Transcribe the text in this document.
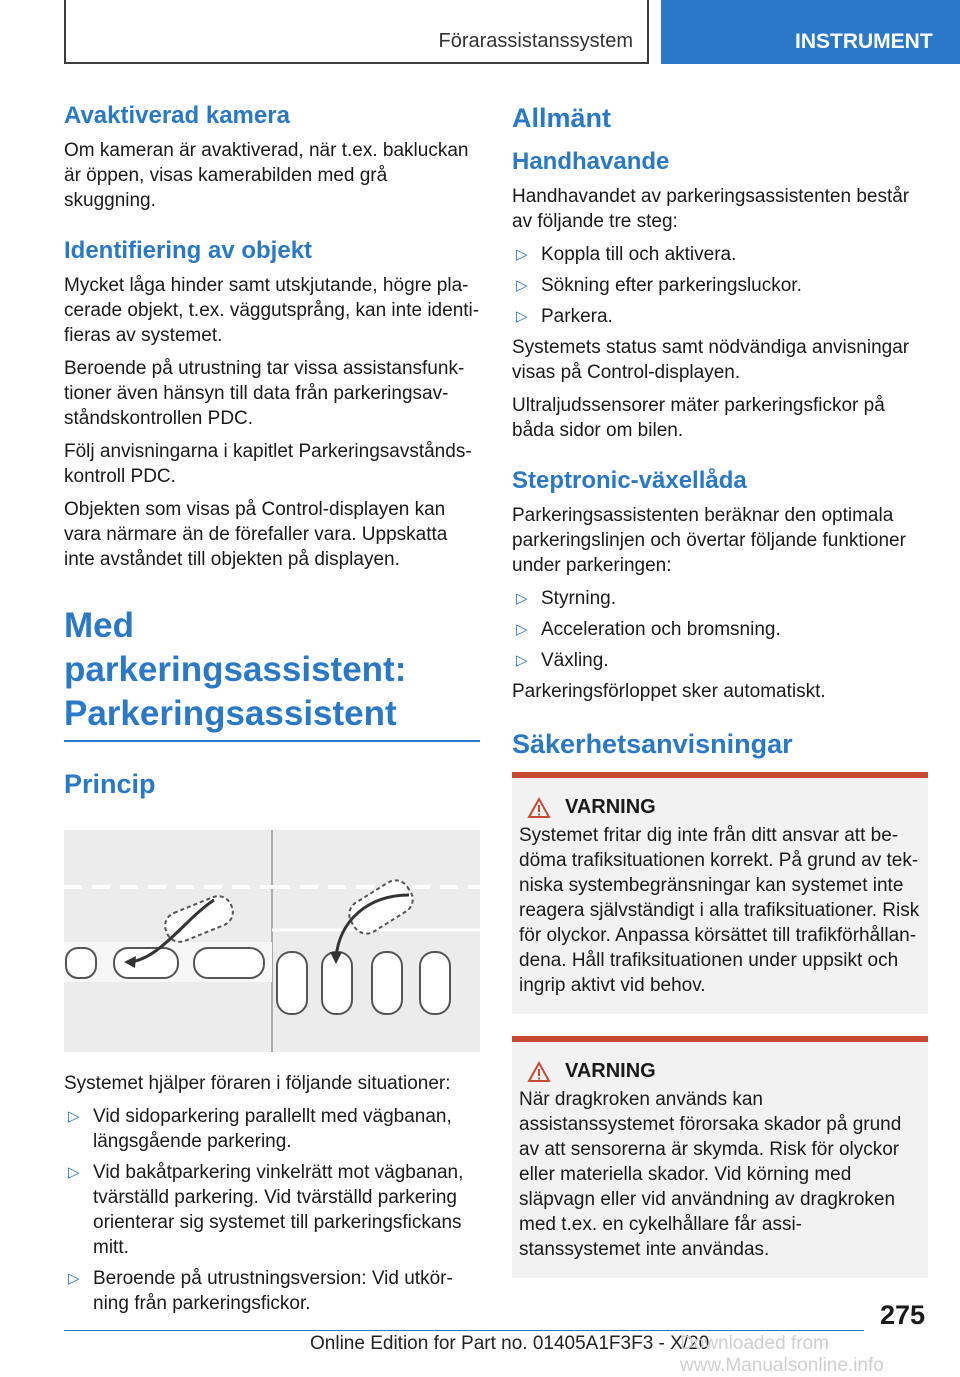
Förarassistanssystem	INSTRUMENT
Avaktiverad kamera

Om kameran är avaktiverad, när t.ex. bakluckan är öppen, visas kamerabilden med grå skuggning.

Identifiering av objekt

Mycket låga hinder samt utskjutande, högre pla- cerade objekt, t.ex. väggutsprång, kan inte identi- fieras av systemet.

Beroende på utrustning tar vissa assistansfunk- tioner även hänsyn till data från parkeringsav- ståndskontrollen PDC.

Följ anvisningarna i kapitlet Parkeringsavstånds- kontroll PDC.

Objekten som visas på Control-displayen kan vara närmare än de förefaller vara. Uppskatta inte avståndet till objekten på displayen.

Med parkeringsassistent:
Parkeringsassistent
Princip

Systemet hjälper föraren i följande situationer:

▷ Vid sidoparkering parallellt med vägbanan, längsgående parkering.
▷ Vid bakåtparkering vinkelrätt mot vägbanan, tvärställd parkering. Vid tvärställd parkering orienterar sig systemet till parkeringsfickans mitt.
▷ Beroende på utrustningsversion: Vid utkör- ning från parkeringsfickor.
Allmänt
Handhavande

Handhavandet av parkeringsassistenten består av följande tre steg:

▷ Koppla till och aktivera.
▷ Sökning efter parkeringsluckor.
▷ Parkera.

Systemets status samt nödvändiga anvisningar visas på Control-displayen.

Ultraljudssensorer mäter parkeringsfickor på båda sidor om bilen.

Steptronic-växellåda

Parkeringsassistenten beräknar den optimala parkeringslinjen och övertar följande funktioner under parkeringen:

▷ Styrning.
▷ Acceleration och bromsning.
▷ Växling.

Parkeringsförloppet sker automatiskt.

Säkerhetsanvisningar
VARNING

Systemet fritar dig inte från ditt ansvar att be- döma trafiksituationen korrekt. På grund av tek- niska systembegränsningar kan systemet inte reagera självständigt i alla trafiksituationer. Risk för olyckor. Anpassa körsättet till trafikförhållan- dena. Håll trafiksituationen under uppsikt och ingrip aktivt vid behov.

VARNING

När dragkroken används kan assistanssystemet förorsaka skador på grund av att sensorerna är skymda. Risk för olyckor eller materiella skador. Vid körning med släpvagn eller vid användning av dragkroken med t.ex. en cykelhållare får assi- stanssystemet inte användas.

275
Online Edition for Part no. 01405A1F3F3 - X/20
Downloaded from www.Manualsonline.info
